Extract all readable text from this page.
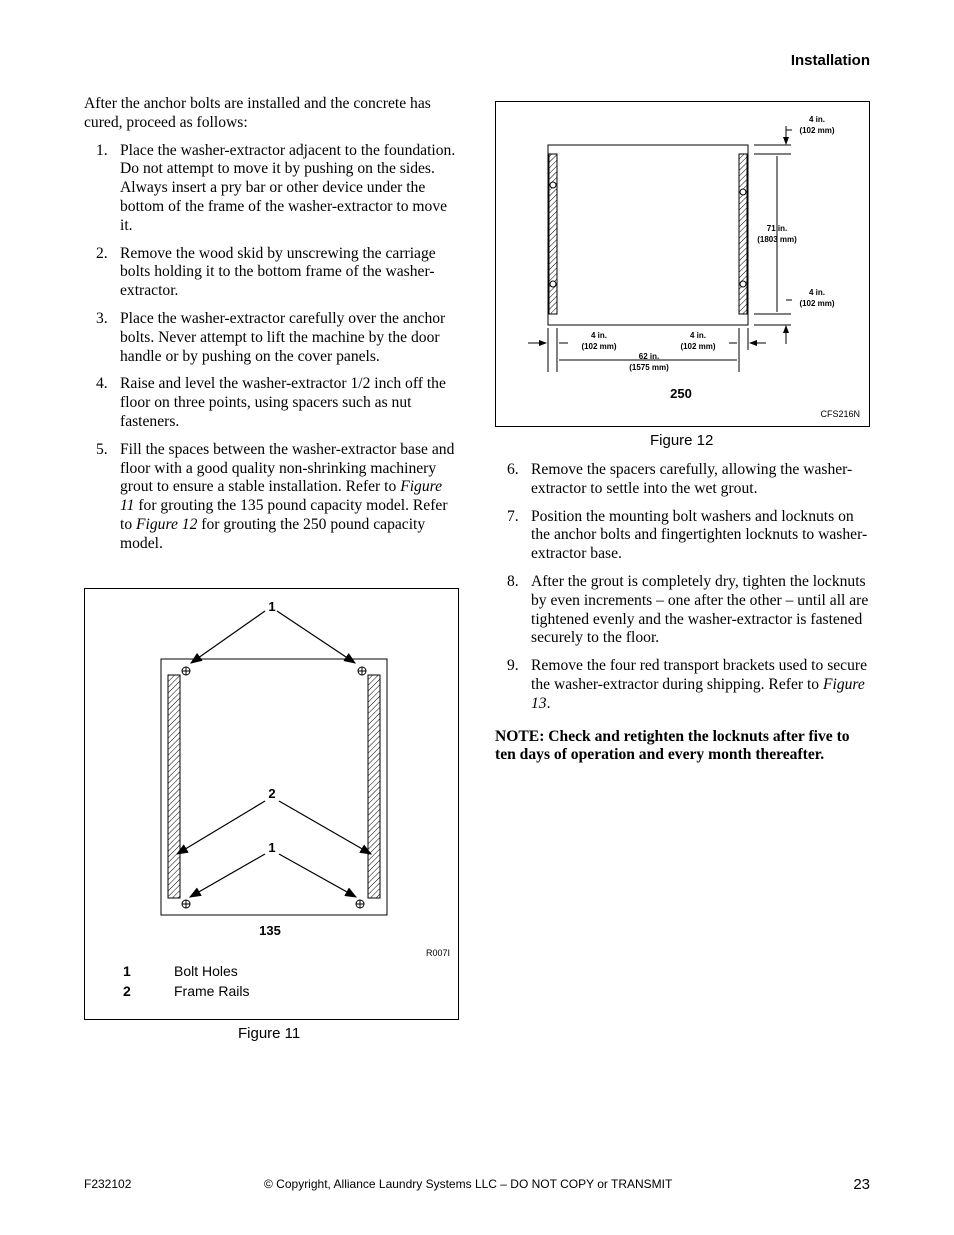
Installation

After the anchor bolts are installed and the concrete has cured, proceed as follows:

1. Place the washer-extractor adjacent to the foundation. Do not attempt to move it by pushing on the sides. Always insert a pry bar or other device under the bottom of the frame of the washer-extractor to move it.
2. Remove the wood skid by unscrewing the carriage bolts holding it to the bottom frame of the washer-extractor.
3. Place the washer-extractor carefully over the anchor bolts. Never attempt to lift the machine by the door handle or by pushing on the cover panels.
4. Raise and level the washer-extractor 1/2 inch off the floor on three points, using spacers such as nut fasteners.
5. Fill the spaces between the washer-extractor base and floor with a good quality non-shrinking machinery grout to ensure a stable installation. Refer to Figure 11 for grouting the 135 pound capacity model. Refer to Figure 12 for grouting the 250 pound capacity model.
1
2
1
135
R007I
1	Bolt Holes
2	Frame Rails
Figure 11
4 in.
(102 mm)
71 in.
(1803 mm)
4 in.
(102 mm)
4 in.
(102 mm)
4 in.
(102 mm)
62 in.
(1575 mm)
250
CFS216N
Figure 12
6. Remove the spacers carefully, allowing the washer-extractor to settle into the wet grout.
7. Position the mounting bolt washers and locknuts on the anchor bolts and fingertighten locknuts to washer-extractor base.
8. After the grout is completely dry, tighten the locknuts by even increments – one after the other – until all are tightened evenly and the washer-extractor is fastened securely to the floor.
9. Remove the four red transport brackets used to secure the washer-extractor during shipping. Refer to Figure 13.

NOTE: Check and retighten the locknuts after five to ten days of operation and every month thereafter.

F232102	© Copyright, Alliance Laundry Systems LLC – DO NOT COPY or TRANSMIT	23
